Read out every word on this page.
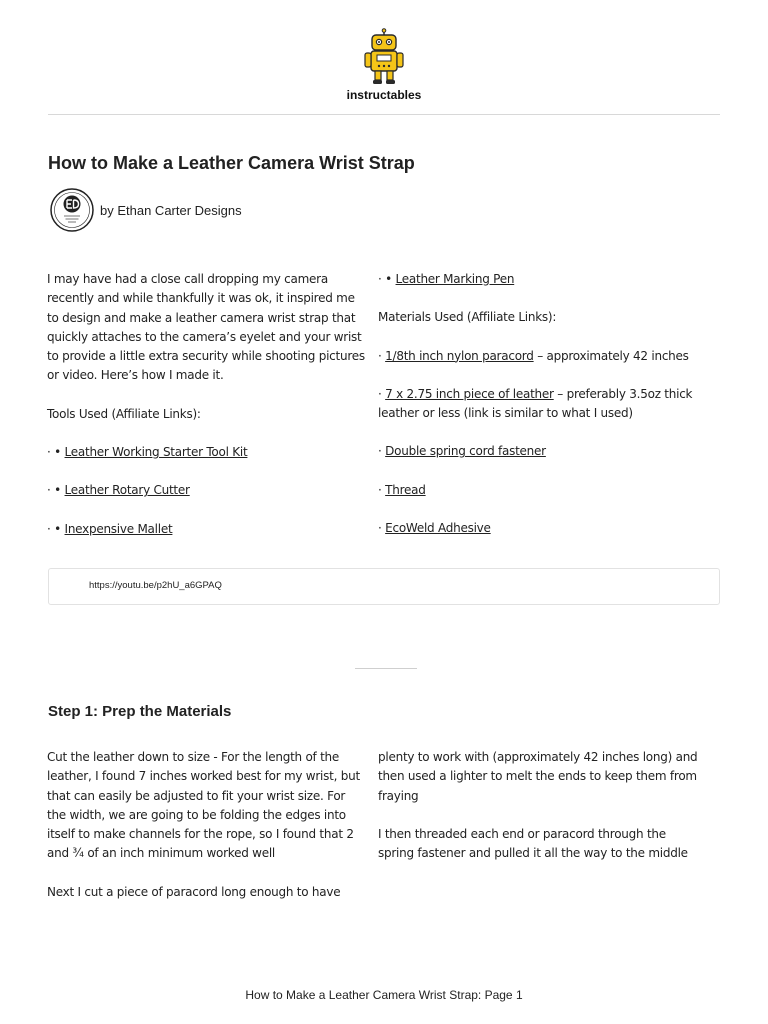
instructables
How to Make a Leather Camera Wrist Strap
by Ethan Carter Designs

I may have had a close call dropping my camera recently and while thankfully it was ok, it inspired me to design and make a leather camera wrist strap that quickly attaches to the camera’s eyelet and your wrist to provide a little extra security while shooting pictures or video. Here’s how I made it.

Tools Used (Affiliate Links):

· • Leather Working Starter Tool Kit

· • Leather Rotary Cutter

· • Inexpensive Mallet

· • Leather Marking Pen

Materials Used (Affiliate Links):

· 1/8th inch nylon paracord – approximately 42 inches

· 7 x 2.75 inch piece of leather – preferably 3.5oz thick leather or less (link is similar to what I used)

· Double spring cord fastener

· Thread

· EcoWeld Adhesive

https://youtu.be/p2hU_a6GPAQ
Step 1: Prep the Materials

Cut the leather down to size - For the length of the leather, I found 7 inches worked best for my wrist, but that can easily be adjusted to fit your wrist size. For the width, we are going to be folding the edges into itself to make channels for the rope, so I found that 2 and ¾ of an inch minimum worked well

Next I cut a piece of paracord long enough to have

plenty to work with (approximately 42 inches long) and then used a lighter to melt the ends to keep them from fraying

I then threaded each end or paracord through the spring fastener and pulled it all the way to the middle

How to Make a Leather Camera Wrist Strap: Page 1
